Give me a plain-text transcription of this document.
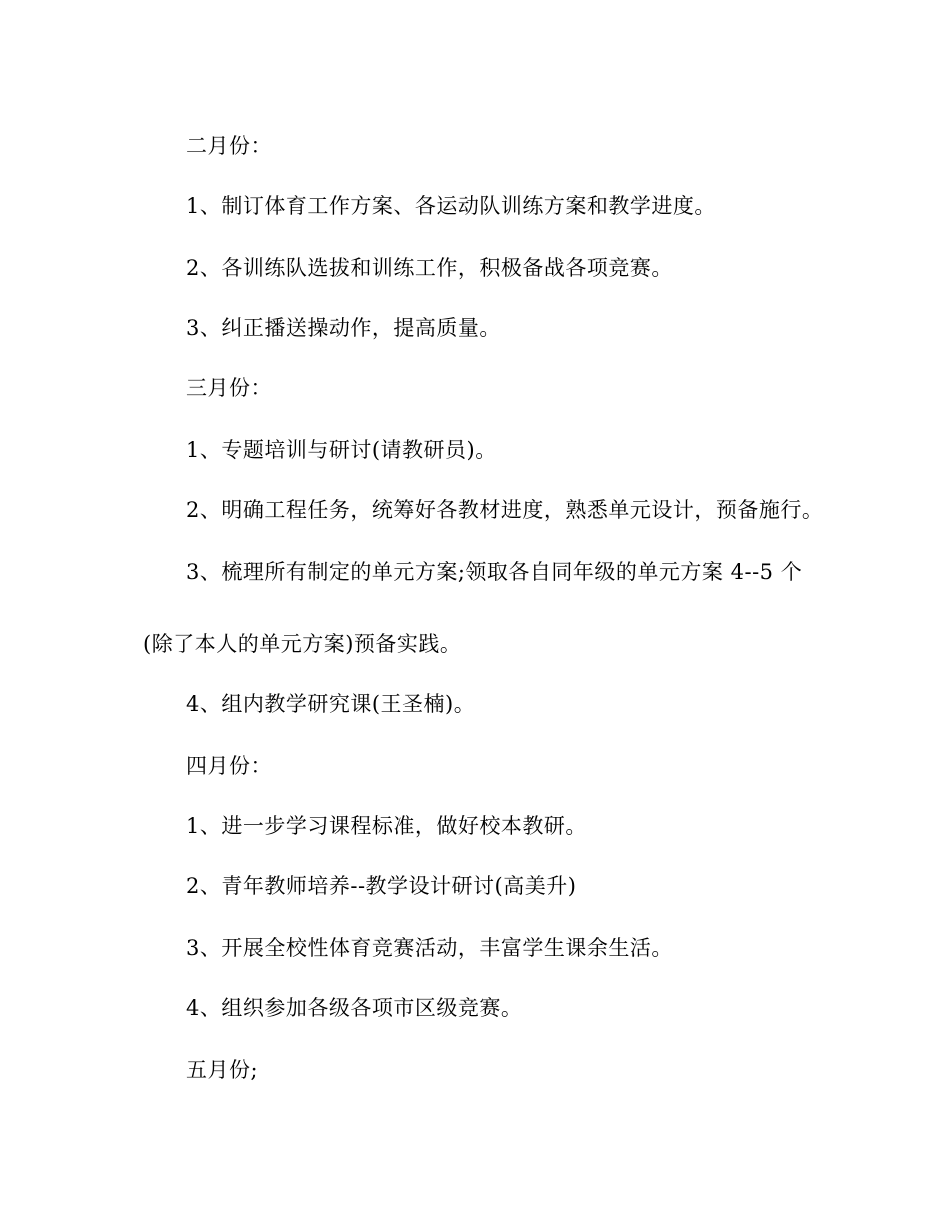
二月份：
1、制订体育工作方案、各运动队训练方案和教学进度。
2、各训练队选拔和训练工作，积极备战各项竞赛。
3、纠正播送操动作，提高质量。
三月份：
1、专题培训与研讨(请教研员)。
2、明确工程任务，统筹好各教材进度，熟悉单元设计，预备施行。
3、梳理所有制定的单元方案;领取各自同年级的单元方案 4--5 个
(除了本人的单元方案)预备实践。
4、组内教学研究课(王圣楠)。
四月份：
1、进一步学习课程标准，做好校本教研。
2、青年教师培养--教学设计研讨(高美升)
3、开展全校性体育竞赛活动，丰富学生课余生活。
4、组织参加各级各项市区级竞赛。
五月份;
